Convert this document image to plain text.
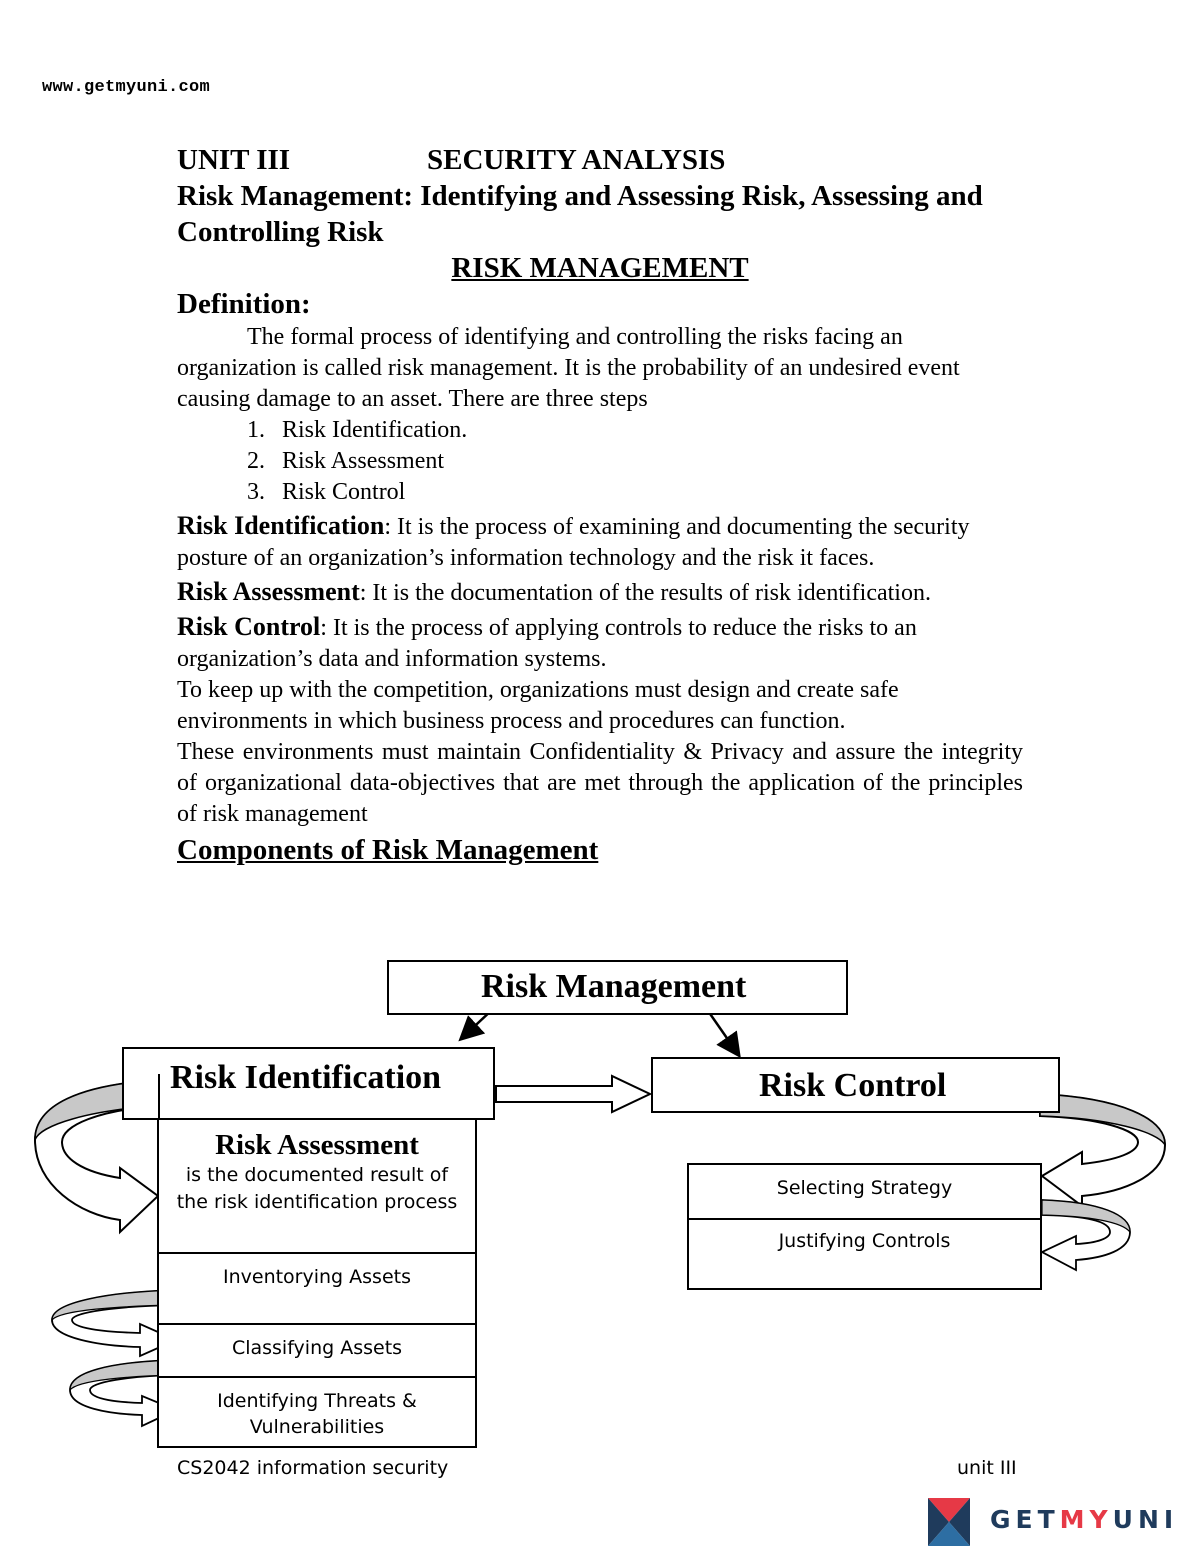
www.getmyuni.com
UNIT III	SECURITY ANALYSIS
Risk Management: Identifying and Assessing Risk, Assessing and Controlling Risk
RISK MANAGEMENT
Definition:

The formal process of identifying and controlling the risks facing an organization is called risk management. It is the probability of an undesired event causing damage to an asset. There are three steps

1. Risk Identification.
2. Risk Assessment
3. Risk Control

Risk Identification: It is the process of examining and documenting the security posture of an organization’s information technology and the risk it faces.

Risk Assessment: It is the documentation of the results of risk identification.

Risk Control: It is the process of applying controls to reduce the risks to an organization’s data and information systems.

To keep up with the competition, organizations must design and create safe environments in which business process and procedures can function.

These environments must maintain Confidentiality & Privacy and assure the integrity of organizational data-objectives that are met through the application of the principles of risk management

Components of Risk Management
Risk Management
Risk Identification	Risk Control
Risk Assessment
is the documented result of
the risk identification process
Inventorying Assets
Classifying Assets
Identifying Threats &
Vulnerabilities
Selecting Strategy
Justifying Controls
CS2042 information security	unit III
GETMYUNI
